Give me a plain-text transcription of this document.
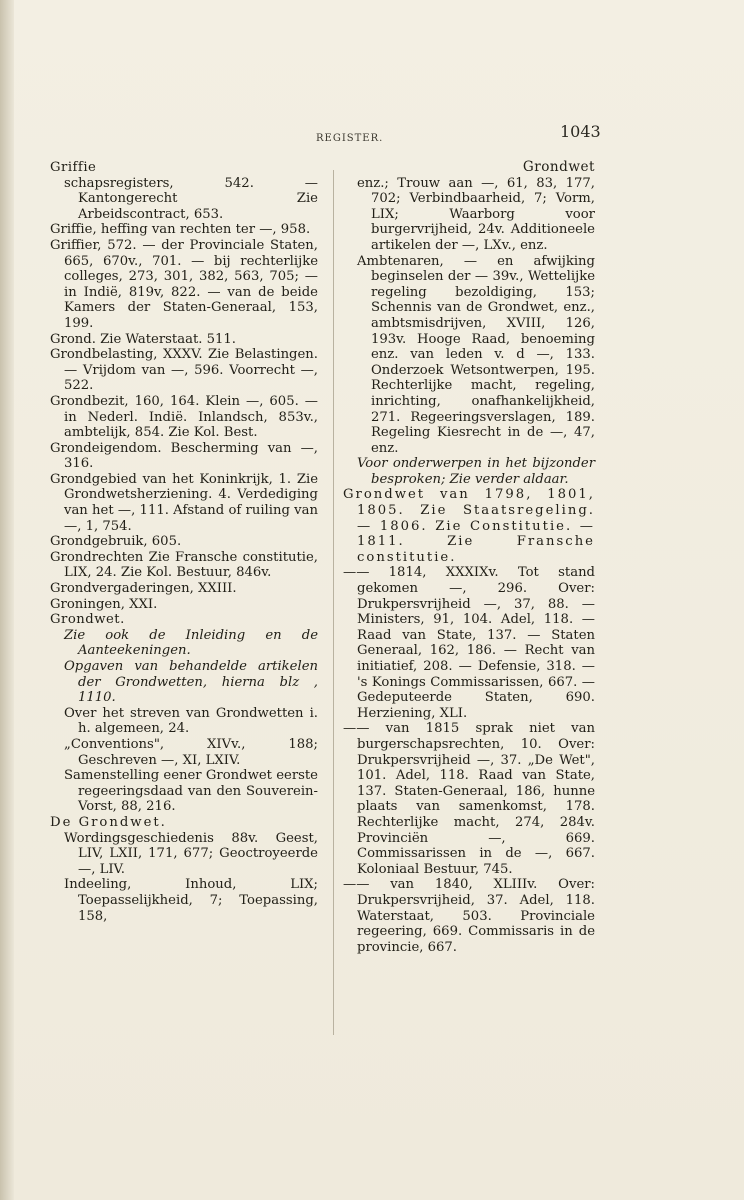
REGISTER.	1043

Griffie

schapsregisters, 542. — Kantongerecht Zie Arbeidscontract, 653.

Griffie, heffing van rechten ter —, 958.

Griffier, 572. — der Provinciale Staten, 665, 670v., 701. — bij rechterlijke colleges, 273, 301, 382, 563, 705; — in Indië, 819v, 822. — van de beide Kamers der Staten-Generaal, 153, 199.

Grond. Zie Waterstaat. 511.

Grondbelasting, XXXV. Zie Belastingen. — Vrijdom van —, 596. Voorrecht —, 522.

Grondbezit, 160, 164. Klein —, 605. — in Nederl. Indië. Inlandsch, 853v., ambtelijk, 854. Zie Kol. Best.

Grondeigendom. Bescherming van —, 316.

Grondgebied van het Koninkrijk, 1. Zie Grondwetsherziening. 4. Verdediging van het —, 111. Afstand of ruiling van —, 1, 754.

Grondgebruik, 605.

Grondrechten Zie Fransche constitutie, LIX, 24. Zie Kol. Bestuur, 846v.

Grondvergaderingen, XXIII.

Groningen, XXI.

Grondwet.

Zie ook de Inleiding en de Aanteekeningen.

Opgaven van behandelde artikelen der Grondwetten, hierna blz , 1110.

Over het streven van Grondwetten i. h. algemeen, 24.

„Conventions", XIVv., 188; Geschreven —, XI, LXIV.

Samenstelling eener Grondwet eerste regeeringsdaad van den Souverein-Vorst, 88, 216.

De Grondwet.

Wordingsgeschiedenis 88v. Geest, LIV, LXII, 171, 677; Geoctroyeerde —, LIV.

Indeeling, Inhoud, LIX; Toepasselijkheid, 7; Toepassing, 158,

Grondwet

enz.; Trouw aan —, 61, 83, 177, 702; Verbindbaarheid, 7; Vorm, LIX; Waarborg voor burgervrijheid, 24v. Additioneele artikelen der —, LXv., enz.

Ambtenaren, — en afwijking beginselen der — 39v., Wettelijke regeling bezoldiging, 153; Schennis van de Grondwet, enz., ambtsmisdrijven, XVIII, 126, 193v. Hooge Raad, benoeming enz. van leden v. d —, 133. Onderzoek Wetsontwerpen, 195. Rechterlijke macht, regeling, inrichting, onafhankelijkheid, 271. Regeeringsverslagen, 189. Regeling Kiesrecht in de —, 47, enz.

Voor onderwerpen in het bijzonder besproken; Zie verder aldaar.

Grondwet van 1798, 1801, 1805. Zie Staatsregeling. — 1806. Zie Constitutie. — 1811. Zie Fransche constitutie.

—— 1814, XXXIXv. Tot stand gekomen —, 296. Over: Drukpersvrijheid —, 37, 88. — Ministers, 91, 104. Adel, 118. — Raad van State, 137. — Staten Generaal, 162, 186. — Recht van initiatief, 208. — Defensie, 318. — 's Konings Commissarissen, 667. — Gedeputeerde Staten, 690. Herziening, XLI.

—— van 1815 sprak niet van burgerschapsrechten, 10. Over: Drukpersvrijheid —, 37. „De Wet", 101. Adel, 118. Raad van State, 137. Staten-Generaal, 186, hunne plaats van samenkomst, 178. Rechterlijke macht, 274, 284v. Provinciën —, 669. Commissarissen in de —, 667. Koloniaal Bestuur, 745.

—— van 1840, XLIIIv. Over: Drukpersvrijheid, 37. Adel, 118. Waterstaat, 503. Provinciale regeering, 669. Commissaris in de provincie, 667.
